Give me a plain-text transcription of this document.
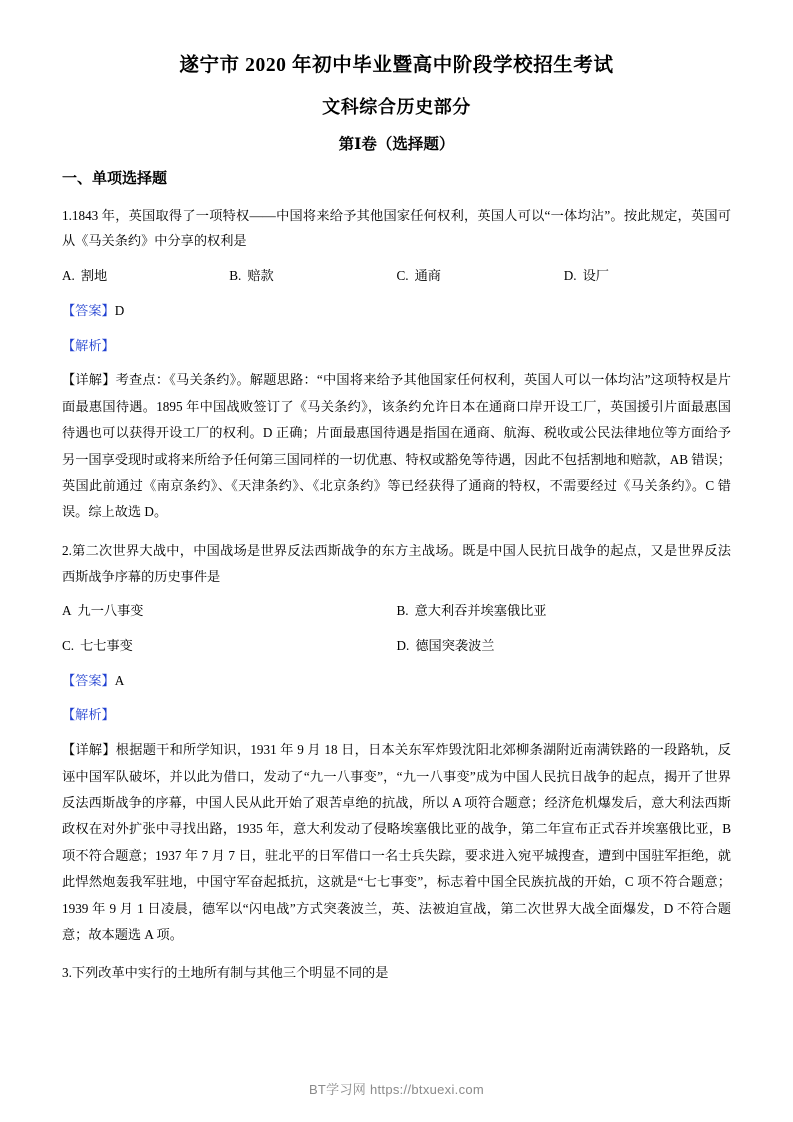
遂宁市 2020 年初中毕业暨高中阶段学校招生考试
文科综合历史部分
第Ⅰ卷（选择题）
一、单项选择题

1.1843 年，英国取得了一项特权——中国将来给予其他国家任何权利，英国人可以“一体均沾”。按此规定，英国可从《马关条约》中分享的权利是

A. 割地	B. 赔款	C. 通商	D. 设厂

【答案】D

【解析】

【详解】考查点：《马关条约》。解题思路：“中国将来给予其他国家任何权利，英国人可以一体均沾”这项特权是片面最惠国待遇。1895 年中国战败签订了《马关条约》，该条约允许日本在通商口岸开设工厂，英国援引片面最惠国待遇也可以获得开设工厂的权利。D 正确；片面最惠国待遇是指国在通商、航海、税收或公民法律地位等方面给予另一国享受现时或将来所给予任何第三国同样的一切优惠、特权或豁免等待遇，因此不包括割地和赔款，AB 错误；英国此前通过《南京条约》、《天津条约》、《北京条约》等已经获得了通商的特权，不需要经过《马关条约》。C 错误。综上故选 D。

2.第二次世界大战中，中国战场是世界反法西斯战争的东方主战场。既是中国人民抗日战争的起点，又是世界反法西斯战争序幕的历史事件是

A 九一八事变	B. 意大利吞并埃塞俄比亚
C. 七七事变	D. 德国突袭波兰

【答案】A

【解析】

【详解】根据题干和所学知识，1931 年 9 月 18 日，日本关东军炸毁沈阳北郊柳条湖附近南满铁路的一段路轨，反诬中国军队破坏，并以此为借口，发动了“九一八事变”，“九一八事变”成为中国人民抗日战争的起点，揭开了世界反法西斯战争的序幕，中国人民从此开始了艰苦卓绝的抗战，所以 A 项符合题意；经济危机爆发后，意大利法西斯政权在对外扩张中寻找出路，1935 年，意大利发动了侵略埃塞俄比亚的战争，第二年宣布正式吞并埃塞俄比亚，B 项不符合题意；1937 年 7 月 7 日，驻北平的日军借口一名士兵失踪，要求进入宛平城搜查，遭到中国驻军拒绝，就此悍然炮轰我军驻地，中国守军奋起抵抗，这就是“七七事变”，标志着中国全民族抗战的开始，C 项不符合题意；1939 年 9 月 1 日凌晨，德军以“闪电战”方式突袭波兰，英、法被迫宣战，第二次世界大战全面爆发，D 不符合题意；故本题选 A 项。

3.下列改革中实行的土地所有制与其他三个明显不同的是

BT学习网 https://btxuexi.com
